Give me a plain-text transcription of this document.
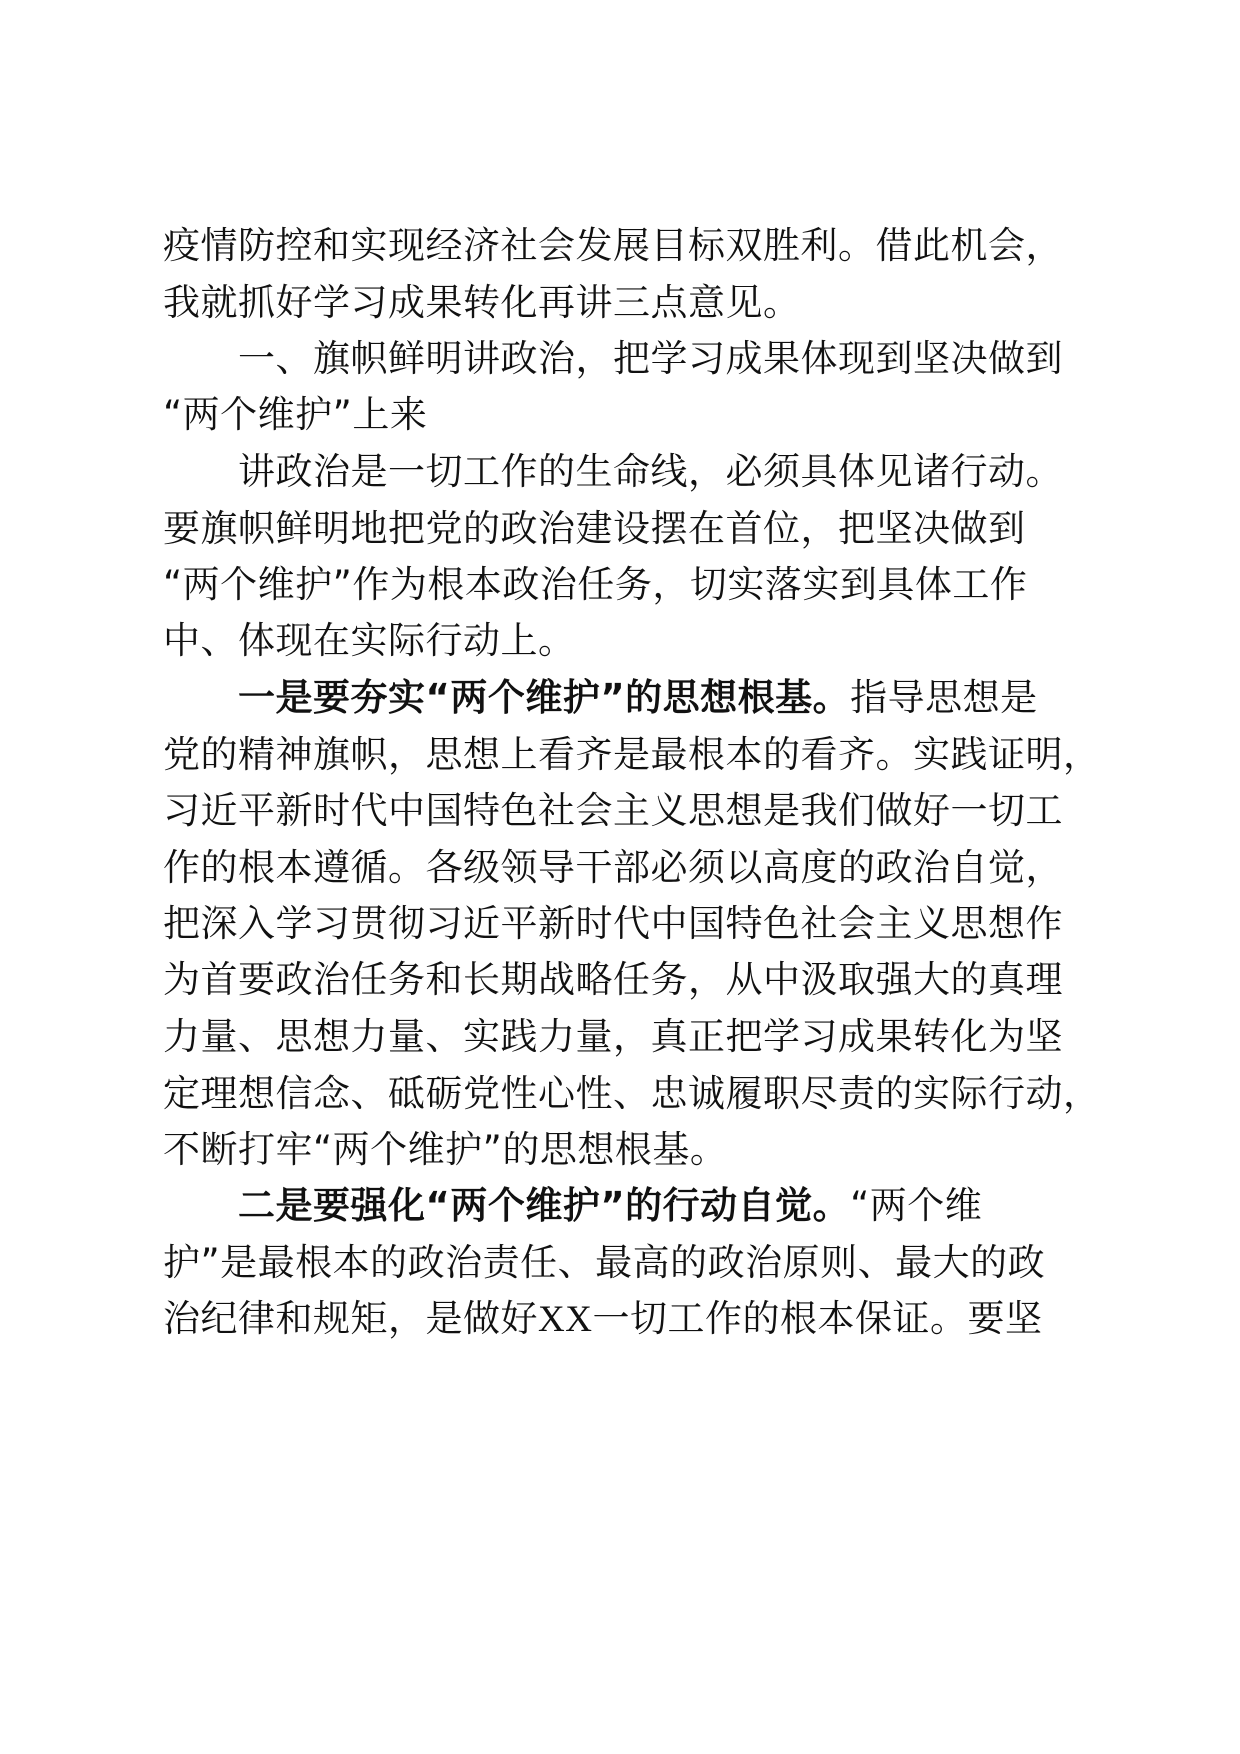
疫情防控和实现经济社会发展目标双胜利。借此机会，
我就抓好学习成果转化再讲三点意见。
一、旗帜鲜明讲政治，把学习成果体现到坚决做到
“两个维护”上来
讲政治是一切工作的生命线，必须具体见诸行动。
要旗帜鲜明地把党的政治建设摆在首位，把坚决做到
“两个维护”作为根本政治任务，切实落实到具体工作
中、体现在实际行动上。
一是要夯实“两个维护”的思想根基。指导思想是
党的精神旗帜，思想上看齐是最根本的看齐。实践证明，
习近平新时代中国特色社会主义思想是我们做好一切工
作的根本遵循。各级领导干部必须以高度的政治自觉，
把深入学习贯彻习近平新时代中国特色社会主义思想作
为首要政治任务和长期战略任务，从中汲取强大的真理
力量、思想力量、实践力量，真正把学习成果转化为坚
定理想信念、砥砺党性心性、忠诚履职尽责的实际行动，
不断打牢“两个维护”的思想根基。
二是要强化“两个维护”的行动自觉。“两个维
护”是最根本的政治责任、最高的政治原则、最大的政
治纪律和规矩，是做好XX一切工作的根本保证。要坚
